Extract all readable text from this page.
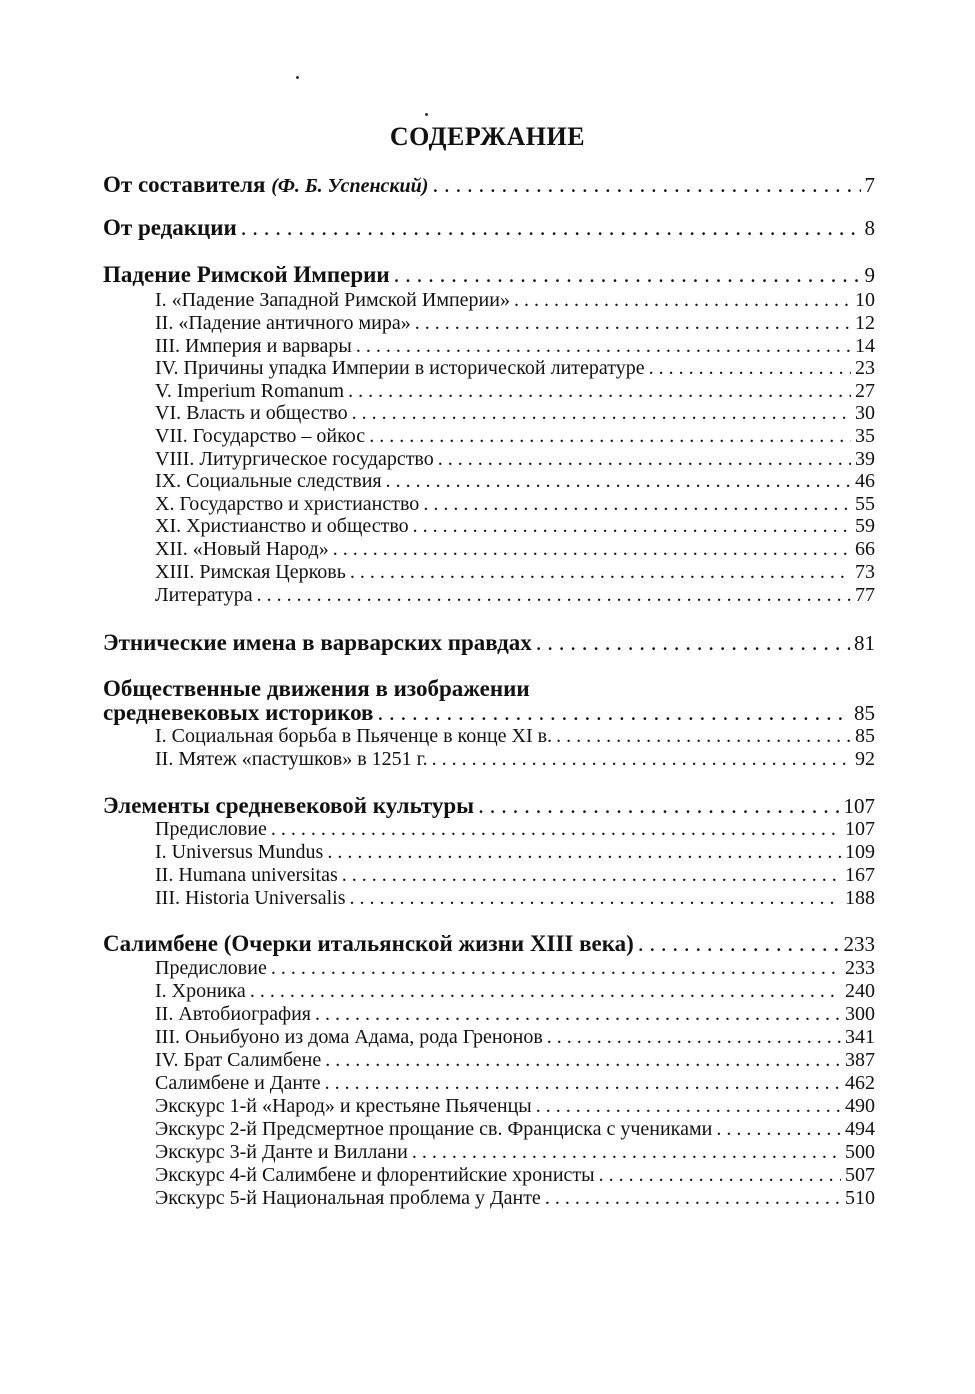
СОДЕРЖАНИЕ
От составителя (Ф. Б. Успенский) . . .	7
От редакции . . .	8
Падение Римской Империи . . .	9
I. «Падение Западной Римской Империи» . . .	10
II. «Падение античного мира» . . .	12
III. Империя и варвары . . .	14
IV. Причины упадка Империи в исторической литературе . . .	23
V. Imperium Romanum . . .	27
VI. Власть и общество . . .	30
VII. Государство – ойкос . . .	35
VIII. Литургическое государство . . .	39
IX. Социальные следствия . . .	46
X. Государство и христианство . . .	55
XI. Христианство и общество . . .	59
XII. «Новый Народ» . . .	66
XIII. Римская Церковь . . .	73
Литература . . .	77
Этнические имена в варварских правдах . . .	81
Общественные движения в изображении
средневековых историков . . .	85
I. Социальная борьба в Пьяченце в конце XI в. . . .	85
II. Мятеж «пастушков» в 1251 г. . . .	92
Элементы средневековой культуры . . .	107
Предисловие . . .	107
I. Universus Mundus . . .	109
II. Humana universitas . . .	167
III. Historia Universalis . . .	188
Салимбене (Очерки итальянской жизни XIII века) . . .	233
Предисловие . . .	233
I. Хроника . . .	240
II. Автобиография . . .	300
III. Оньибуоно из дома Адама, рода Гренонов . . .	341
IV. Брат Салимбене . . .	387
Салимбене и Данте . . .	462
Экскурс 1-й «Народ» и крестьяне Пьяченцы . . .	490
Экскурс 2-й Предсмертное прощание св. Франциска с учениками . . .	494
Экскурс 3-й Данте и Виллани . . .	500
Экскурс 4-й Салимбене и флорентийские хронисты . . .	507
Экскурс 5-й Национальная проблема у Данте . . .	510
